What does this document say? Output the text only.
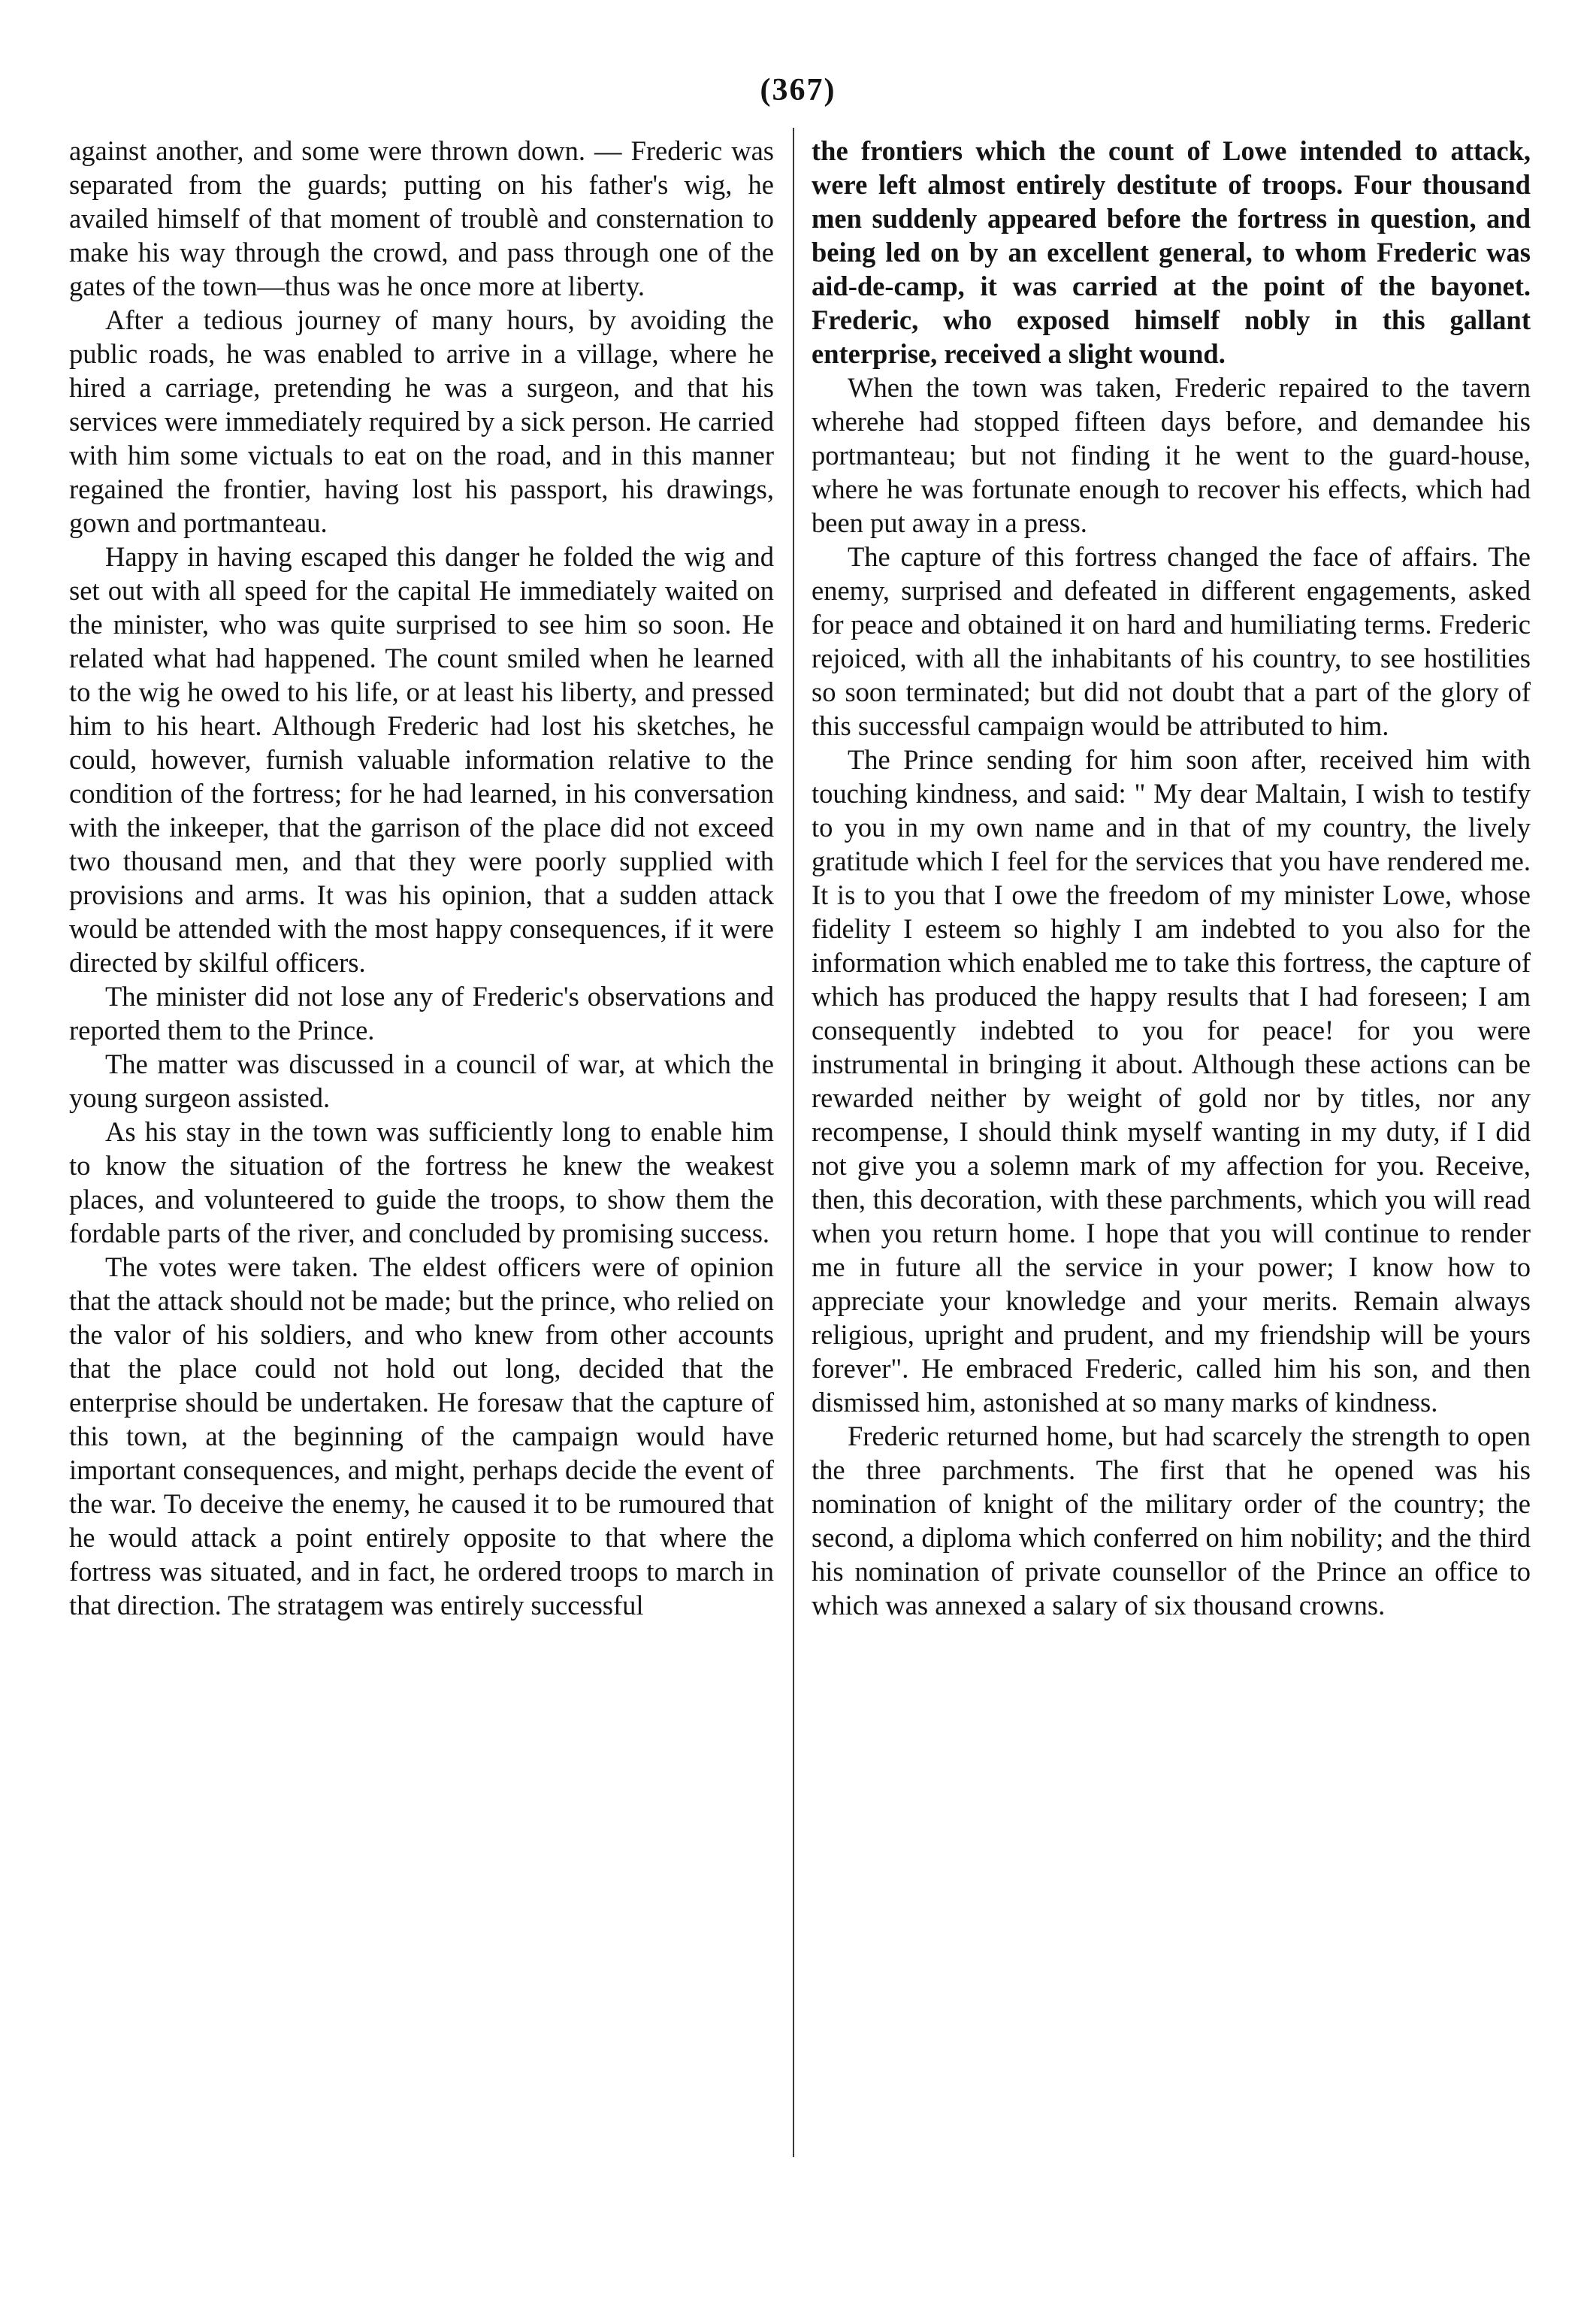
(367)

against another, and some were thrown down. — Frederic was separated from the guards; putting on his father's wig, he availed himself of that moment of troublè and consternation to make his way through the crowd, and pass through one of the gates of the town—thus was he once more at liberty.

After a tedious journey of many hours, by avoiding the public roads, he was enabled to arrive in a village, where he hired a carriage, pretending he was a surgeon, and that his services were immediately required by a sick person. He carried with him some victuals to eat on the road, and in this manner regained the frontier, having lost his passport, his drawings, gown and portmanteau.

Happy in having escaped this danger he folded the wig and set out with all speed for the capital He immediately waited on the minister, who was quite surprised to see him so soon. He related what had happened. The count smiled when he learned to the wig he owed to his life, or at least his liberty, and pressed him to his heart. Although Frederic had lost his sketches, he could, however, furnish valuable information relative to the condition of the fortress; for he had learned, in his conversation with the inkeeper, that the garrison of the place did not exceed two thousand men, and that they were poorly supplied with provisions and arms. It was his opinion, that a sudden attack would be attended with the most happy consequences, if it were directed by skilful officers.

The minister did not lose any of Frederic's observations and reported them to the Prince.

The matter was discussed in a council of war, at which the young surgeon assisted.

As his stay in the town was sufficiently long to enable him to know the situation of the fortress he knew the weakest places, and volunteered to guide the troops, to show them the fordable parts of the river, and concluded by promising success.

The votes were taken. The eldest officers were of opinion that the attack should not be made; but the prince, who relied on the valor of his soldiers, and who knew from other accounts that the place could not hold out long, decided that the enterprise should be undertaken. He foresaw that the capture of this town, at the beginning of the campaign would have important consequences, and might, perhaps decide the event of the war. To deceive the enemy, he caused it to be rumoured that he would attack a point entirely opposite to that where the fortress was situated, and in fact, he ordered troops to march in that direction. The stratagem was entirely successful

the frontiers which the count of Lowe intended to attack, were left almost entirely destitute of troops. Four thousand men suddenly appeared before the fortress in question, and being led on by an excellent general, to whom Frederic was aid-de-camp, it was carried at the point of the bayonet. Frederic, who exposed himself nobly in this gallant enterprise, received a slight wound.

When the town was taken, Frederic repaired to the tavern wherehe had stopped fifteen days before, and demandee his portmanteau; but not finding it he went to the guard-house, where he was fortunate enough to recover his effects, which had been put away in a press.

The capture of this fortress changed the face of affairs. The enemy, surprised and defeated in different engagements, asked for peace and obtained it on hard and humiliating terms. Frederic rejoiced, with all the inhabitants of his country, to see hostilities so soon terminated; but did not doubt that a part of the glory of this successful campaign would be attributed to him.

The Prince sending for him soon after, received him with touching kindness, and said: " My dear Maltain, I wish to testify to you in my own name and in that of my country, the lively gratitude which I feel for the services that you have rendered me. It is to you that I owe the freedom of my minister Lowe, whose fidelity I esteem so highly I am indebted to you also for the information which enabled me to take this fortress, the capture of which has produced the happy results that I had foreseen; I am consequently indebted to you for peace! for you were instrumental in bringing it about. Although these actions can be rewarded neither by weight of gold nor by titles, nor any recompense, I should think myself wanting in my duty, if I did not give you a solemn mark of my affection for you. Receive, then, this decoration, with these parchments, which you will read when you return home. I hope that you will continue to render me in future all the service in your power; I know how to appreciate your knowledge and your merits. Remain always religious, upright and prudent, and my friendship will be yours forever". He embraced Frederic, called him his son, and then dismissed him, astonished at so many marks of kindness.

Frederic returned home, but had scarcely the strength to open the three parchments. The first that he opened was his nomination of knight of the military order of the country; the second, a diploma which conferred on him nobility; and the third his nomination of private counsellor of the Prince an office to which was annexed a salary of six thousand crowns.
